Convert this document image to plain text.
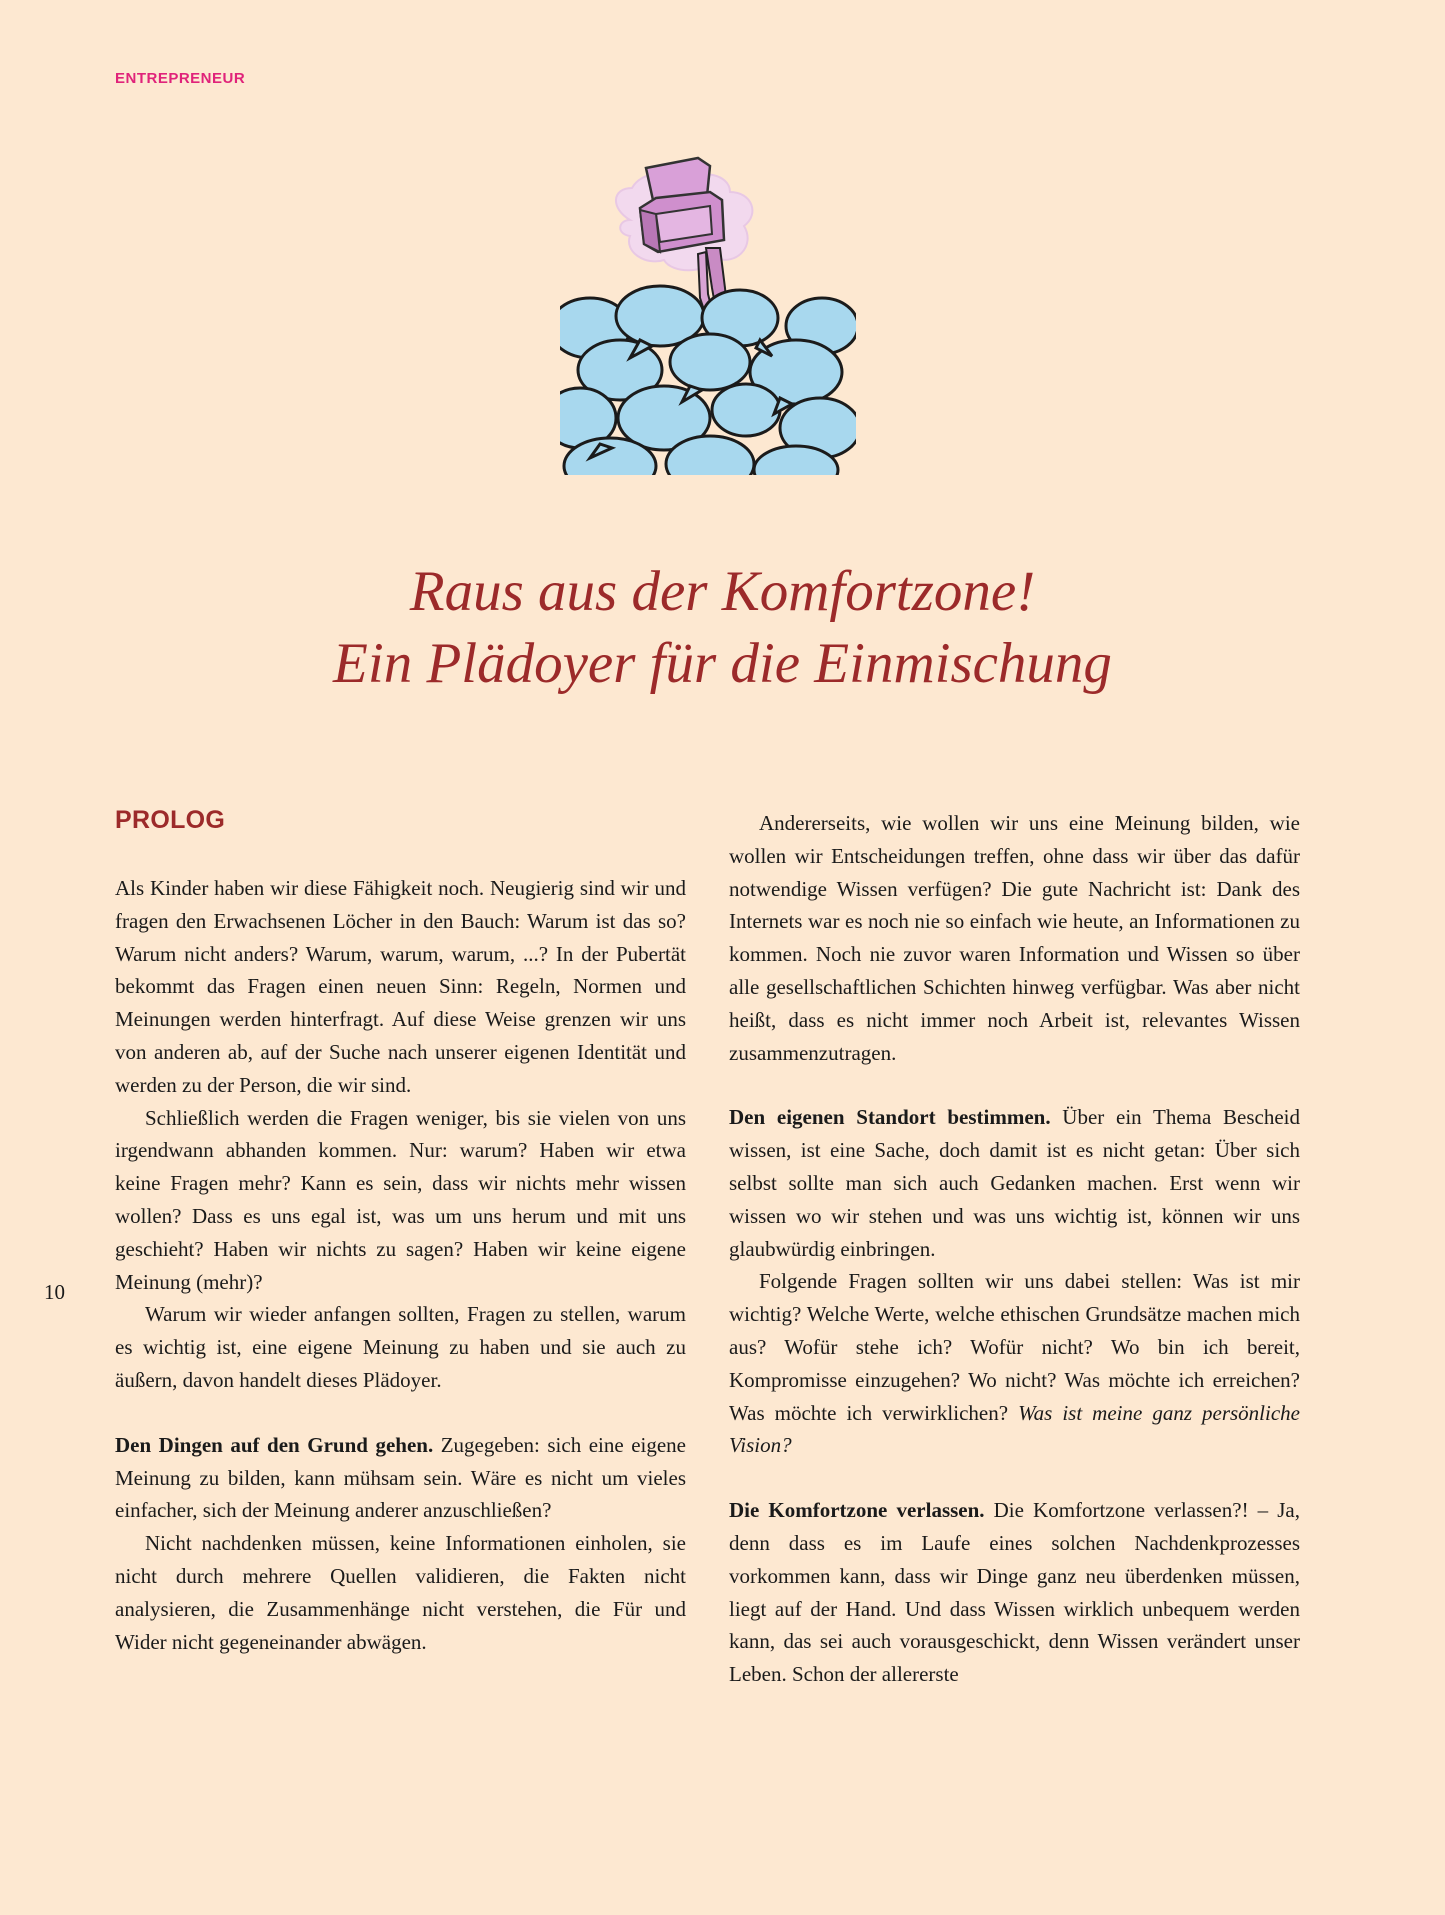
ENTREPRENEUR
Raus aus der Komfortzone!
Ein Plädoyer für die Einmischung
PROLOG
10

Als Kinder haben wir diese Fähigkeit noch. Neugierig sind wir und fragen den Erwachsenen Löcher in den Bauch: Warum ist das so? Warum nicht anders? Warum, warum, warum, ...? In der Pubertät bekommt das Fragen einen neuen Sinn: Regeln, Normen und Meinungen werden hinterfragt. Auf diese Weise grenzen wir uns von anderen ab, auf der Suche nach unserer eigenen Identität und werden zu der Person, die wir sind.

Schließlich werden die Fragen weniger, bis sie vielen von uns irgendwann abhanden kommen. Nur: warum? Haben wir etwa keine Fragen mehr? Kann es sein, dass wir nichts mehr wissen wollen? Dass es uns egal ist, was um uns herum und mit uns geschieht? Haben wir nichts zu sagen? Haben wir keine eigene Meinung (mehr)?

Warum wir wieder anfangen sollten, Fragen zu stellen, warum es wichtig ist, eine eigene Meinung zu haben und sie auch zu äußern, davon handelt dieses Plädoyer.

Den Dingen auf den Grund gehen. Zugegeben: sich eine eigene Meinung zu bilden, kann mühsam sein. Wäre es nicht um vieles einfacher, sich der Meinung anderer anzuschließen?

Nicht nachdenken müssen, keine Informationen einholen, sie nicht durch mehrere Quellen validieren, die Fakten nicht analysieren, die Zusammenhänge nicht verstehen, die Für und Wider nicht gegeneinander abwägen.

Andererseits, wie wollen wir uns eine Meinung bilden, wie wollen wir Entscheidungen treffen, ohne dass wir über das dafür notwendige Wissen verfügen? Die gute Nachricht ist: Dank des Internets war es noch nie so einfach wie heute, an Informationen zu kommen. Noch nie zuvor waren Information und Wissen so über alle gesellschaftlichen Schichten hinweg verfügbar. Was aber nicht heißt, dass es nicht immer noch Arbeit ist, relevantes Wissen zusammenzutragen.

Den eigenen Standort bestimmen. Über ein Thema Bescheid wissen, ist eine Sache, doch damit ist es nicht getan: Über sich selbst sollte man sich auch Gedanken machen. Erst wenn wir wissen wo wir stehen und was uns wichtig ist, können wir uns glaubwürdig einbringen.

Folgende Fragen sollten wir uns dabei stellen: Was ist mir wichtig? Welche Werte, welche ethischen Grundsätze machen mich aus? Wofür stehe ich? Wofür nicht? Wo bin ich bereit, Kompromisse einzugehen? Wo nicht? Was möchte ich erreichen? Was möchte ich verwirklichen? Was ist meine ganz persönliche Vision?

Die Komfortzone verlassen. Die Komfortzone verlassen?! – Ja, denn dass es im Laufe eines solchen Nachdenkprozesses vorkommen kann, dass wir Dinge ganz neu überdenken müssen, liegt auf der Hand. Und dass Wissen wirklich unbequem werden kann, das sei auch vorausgeschickt, denn Wissen verändert unser Leben. Schon der allererste
